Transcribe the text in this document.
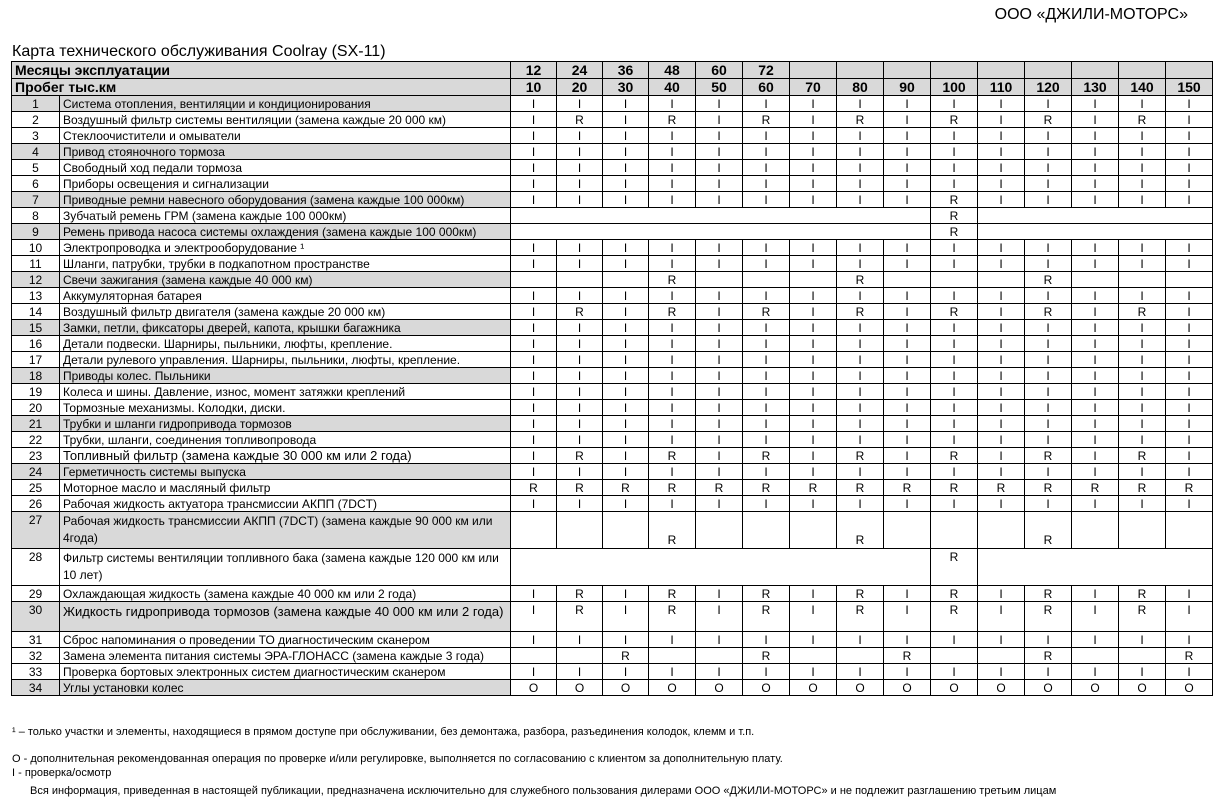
ООО «ДЖИЛИ-МОТОРС»
Карта технического обслуживания Coolray (SX-11)
Месяцы эксплуатации		12	24	36	48	60	72									
Пробег тыс.км		10	20	30	40	50	60	70	80	90	100	110	120	130	140	150
1	Система отопления, вентиляции и кондиционирования	I	I	I	I	I	I	I	I	I	I	I	I	I	I	I
2	Воздушный фильтр системы вентиляции (замена каждые 20 000 км)	I	R	I	R	I	R	I	R	I	R	I	R	I	R	I
3	Стеклоочистители и омыватели	I	I	I	I	I	I	I	I	I	I	I	I	I	I	I
4	Привод стояночного тормоза	I	I	I	I	I	I	I	I	I	I	I	I	I	I	I
5	Свободный ход педали тормоза	I	I	I	I	I	I	I	I	I	I	I	I	I	I	I
6	Приборы освещения и сигнализации	I	I	I	I	I	I	I	I	I	I	I	I	I	I	I
7	Приводные ремни навесного оборудования (замена каждые 100 000км)	I	I	I	I	I	I	I	I	I	R	I	I	I	I	I
8	Зубчатый ремень ГРМ (замена каждые 100 000км)										R					
9	Ремень привода насоса системы охлаждения (замена каждые 100 000км)										R					
10	Электропроводка и электрооборудование ¹	I	I	I	I	I	I	I	I	I	I	I	I	I	I	I
11	Шланги, патрубки, трубки в подкапотном пространстве	I	I	I	I	I	I	I	I	I	I	I	I	I	I	I
12	Свечи зажигания (замена каждые 40 000 км)				R				R				R			
13	Аккумуляторная батарея	I	I	I	I	I	I	I	I	I	I	I	I	I	I	I
14	Воздушный фильтр двигателя (замена каждые 20 000 км)	I	R	I	R	I	R	I	R	I	R	I	R	I	R	I
15	Замки, петли, фиксаторы дверей, капота, крышки багажника	I	I	I	I	I	I	I	I	I	I	I	I	I	I	I
16	Детали подвески. Шарниры, пыльники, люфты, крепление.	I	I	I	I	I	I	I	I	I	I	I	I	I	I	I
17	Детали рулевого управления. Шарниры, пыльники, люфты, крепление.	I	I	I	I	I	I	I	I	I	I	I	I	I	I	I
18	Приводы колес. Пыльники	I	I	I	I	I	I	I	I	I	I	I	I	I	I	I
19	Колеса и шины. Давление, износ, момент затяжки креплений	I	I	I	I	I	I	I	I	I	I	I	I	I	I	I
20	Тормозные механизмы. Колодки, диски.	I	I	I	I	I	I	I	I	I	I	I	I	I	I	I
21	Трубки и шланги гидропривода тормозов	I	I	I	I	I	I	I	I	I	I	I	I	I	I	I
22	Трубки, шланги, соединения топливопровода	I	I	I	I	I	I	I	I	I	I	I	I	I	I	I
23	Топливный фильтр (замена каждые 30 000 км или 2 года)	I	R	I	R	I	R	I	R	I	R	I	R	I	R	I
24	Герметичность системы выпуска	I	I	I	I	I	I	I	I	I	I	I	I	I	I	I
25	Моторное масло и масляный фильтр	R	R	R	R	R	R	R	R	R	R	R	R	R	R	R
26	Рабочая жидкость актуатора трансмиссии АКПП (7DCT)	I	I	I	I	I	I	I	I	I	I	I	I	I	I	I
27	Рабочая жидкость трансмиссии АКПП (7DCT) (замена каждые 90 000 км или 4года)				R				R				R			
28	Фильтр системы вентиляции топливного бака (замена каждые 120 000 км или 10 лет)										R					
29	Охлаждающая жидкость (замена каждые 40 000 км или 2 года)	I	R	I	R	I	R	I	R	I	R	I	R	I	R	I
30	Жидкость гидропривода тормозов (замена каждые 40 000 км или 2 года)	I	R	I	R	I	R	I	R	I	R	I	R	I	R	I
31	Сброс напоминания о проведении ТО диагностическим сканером	I	I	I	I	I	I	I	I	I	I	I	I	I	I	I
32	Замена элемента питания системы ЭРА-ГЛОНАСС (замена каждые 3 года)			R			R			R			R			R
33	Проверка бортовых электронных систем диагностическим сканером	I	I	I	I	I	I	I	I	I	I	I	I	I	I	I
34	Углы установки колес	O	O	O	O	O	O	O	O	O	O	O	O	O	O	O
¹ – только участки и элементы, находящиеся в прямом доступе при обслуживании, без демонтажа, разбора, разъединения колодок, клемм и т.п.
O - дополнительная рекомендованная операция по проверке и/или регулировке, выполняется по согласованию с клиентом за дополнительную плату.
I - проверка/осмотр
Вся информация, приведенная в настоящей публикации, предназначена исключительно для служебного пользования дилерами ООО «ДЖИЛИ-МОТОРС» и не подлежит разглашению третьим лицам
